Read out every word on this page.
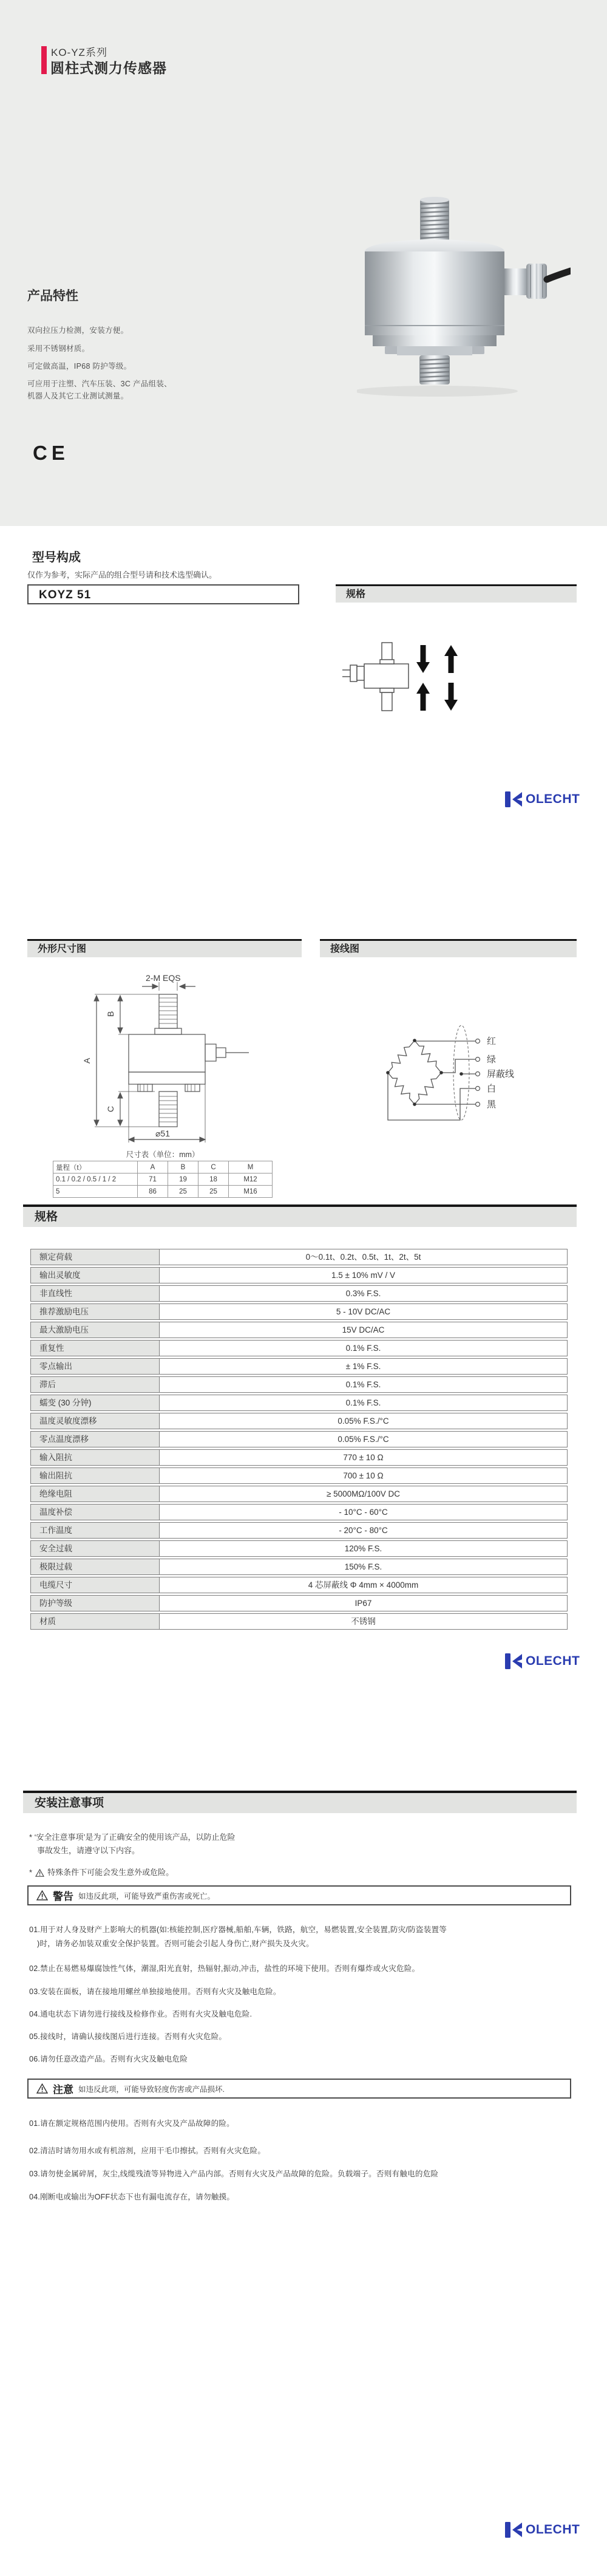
KO-YZ系列
圆柱式测力传感器
产品特性
双向拉压力检测，安装方便。
采用不锈钢材质。
可定做高温，IP68 防护等级。
可应用于注塑、汽车压装、3C 产品组装、
机器人及其它工业测试测量。
CE
型号构成
仅作为参考，实际产品的组合型号请和技术选型确认。
KOYZ 51	规格
OLECHT
外形尺寸图	接线图
2-M EQS
A
B
C
⌀51
尺寸表（单位：mm）
量程（t）	A	B	C	M
0.1 / 0.2 / 0.5 / 1 / 2	71	19	18	M12
5	86	25	25	M16
红
绿
屏蔽线
白
黑
规格
额定荷载	0～0.1t、0.2t、0.5t、1t、2t、5t
输出灵敏度	1.5 ± 10% mV / V
非直线性	0.3% F.S.
推荐激励电压	5 - 10V DC/AC
最大激励电压	15V DC/AC
重复性	0.1% F.S.
零点输出	± 1% F.S.
滞后	0.1% F.S.
蠕变 (30 分钟)	0.1% F.S.
温度灵敏度漂移	0.05% F.S./°C
零点温度漂移	0.05% F.S./°C
输入阻抗	770 ± 10 Ω
输出阻抗	700 ± 10 Ω
绝缘电阻	≥ 5000MΩ/100V DC
温度补偿	- 10°C - 60°C
工作温度	- 20°C - 80°C
安全过载	120% F.S.
极限过载	150% F.S.
电缆尺寸	4 芯屏蔽线 Φ 4mm × 4000mm
防护等级	IP67
材质	不锈钢
OLECHT
安装注意事项
* ‘安全注意事项’是为了正确安全的使用该产品，以防止危险
事故发生，请遵守以下内容。
* 特殊条件下可能会发生意外或危险。
警告 如违反此项，可能导致严重伤害或死亡。
01.用于对人身及财产上影响大的机器(如:核能控制,医疗器械,船舶,车辆，铁路，航空，易燃装置,安全装置,防灾/防盗装置等
)时，请务必加装双重安全保护装置。否则可能会引起人身伤亡,财产损失及火灾。
02.禁止在易燃易爆腐蚀性气体，潮湿,阳光直射，热辐射,振动,冲击，盐性的环境下使用。否则有爆炸或火灾危险。
03.安装在面板，请在接地用螺丝单独接地使用。否则有火灾及触电危险。
04.通电状态下请勿进行接线及检修作业。否则有火灾及触电危险.
05.接线时，请确认接线图后进行连接。否则有火灾危险。
06.请勿任意改造产品。否则有火灾及触电危险
注意 如违反此项，可能导致轻度伤害或产品损坏.
01.请在额定规格范围内使用。否则有火灾及产品故障的险。
02.清洁时请勿用水或有机溶剂，应用干毛巾擦拭。否则有火灾危险。
03.请勿使金属碎屑，灰尘,线缆残渣等异物进入产品内部。否则有火灾及产品故障的危险。负载端子。否则有触电的危险
04.刚断电或输出为OFF状态下也有漏电流存在，请勿触摸。
OLECHT
